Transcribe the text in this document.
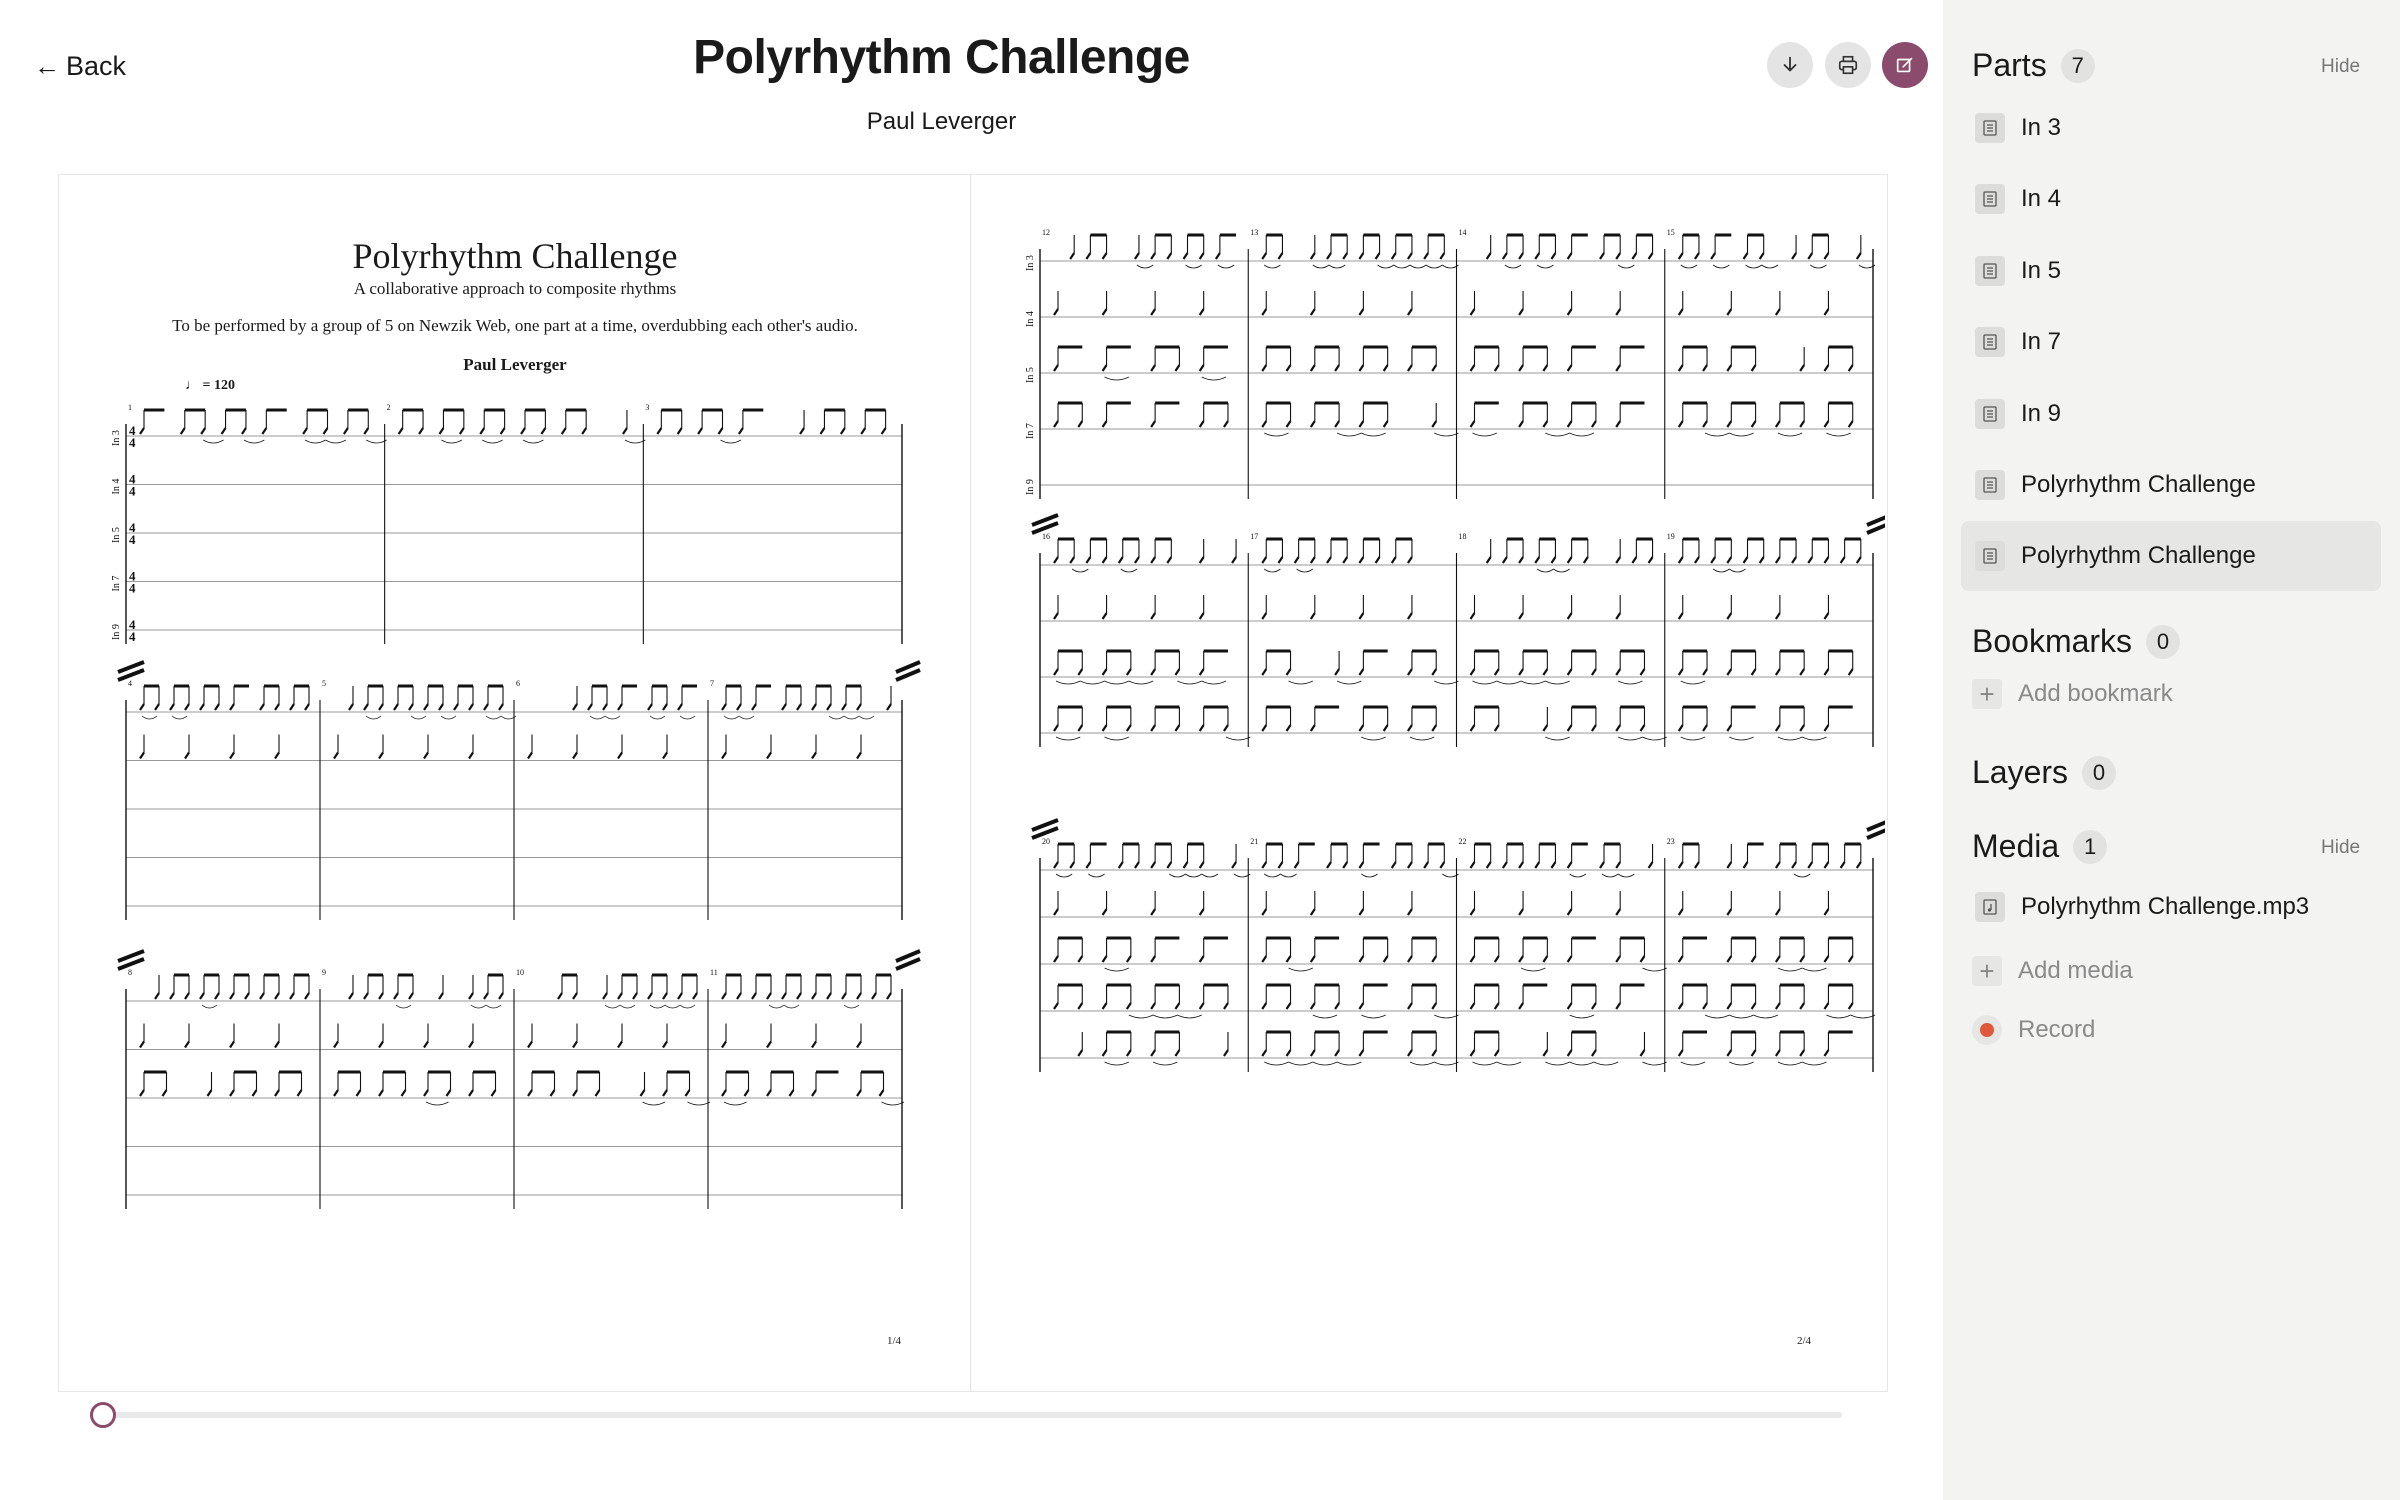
← Back	Polyrhythm Challenge
Paul Leverger
1	2	3
In 3 4
4
In 4 4
4
In 5 4
4
In 7 4
4
In 9 4
4
4	5	6	7
8	9	10	11
Polyrhythm Challenge
A collaborative approach to composite rhythms
To be performed by a group of 5 on Newzik Web, one part at a time, overdubbing each other's audio.
Paul Leverger
♩ = 120
1/4
12	13	14	15
In 3
In 4
In 5
In 7
In 9
16	17	18	19
20	21	22	23
2/4
Parts	7	Hide
In 3
In 4
In 5
In 7
In 9
Polyrhythm Challenge
Polyrhythm Challenge
Bookmarks	0
+ Add bookmark
Layers	0
Media	1	Hide
Polyrhythm Challenge.mp3
+ Add media
Record
